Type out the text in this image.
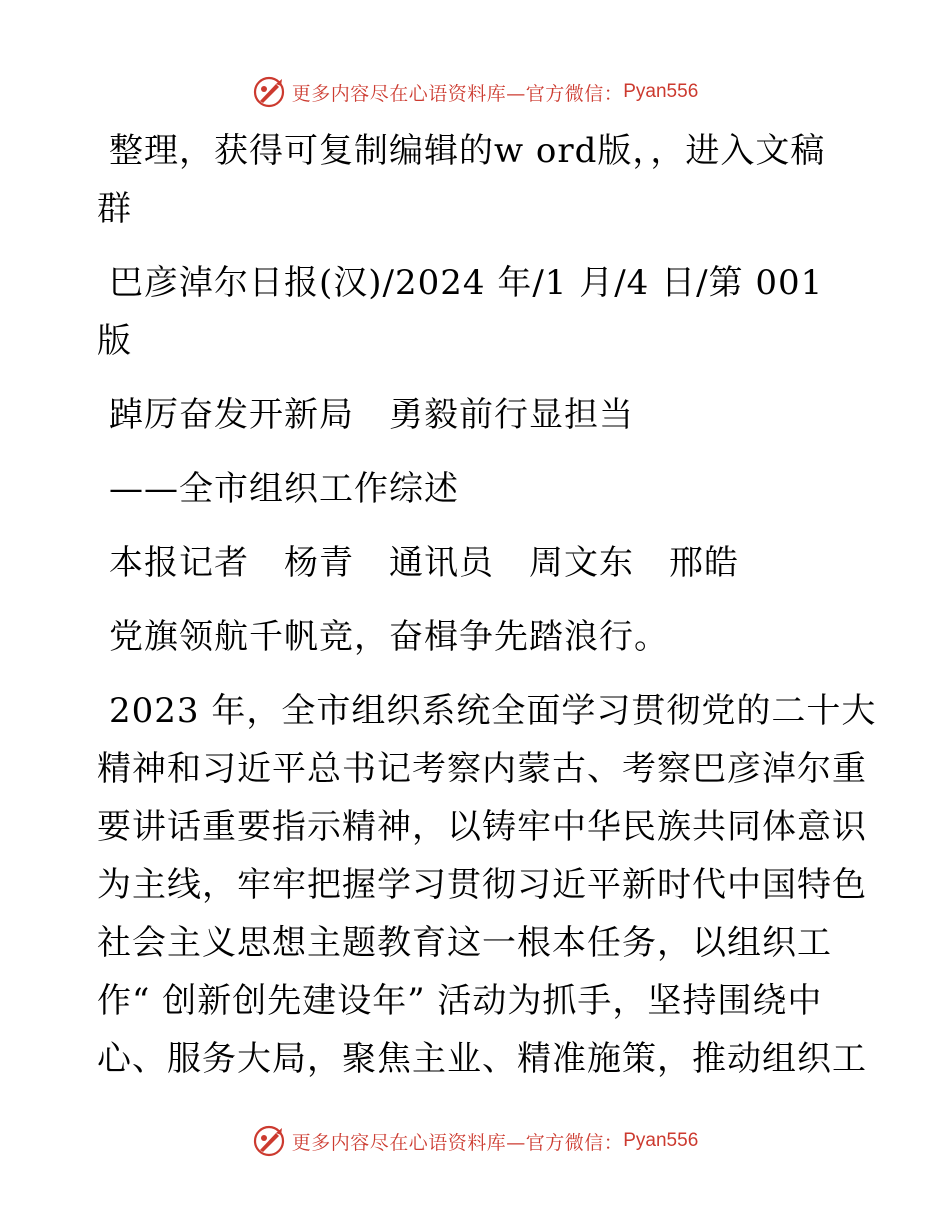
更多内容尽在心语资料库—官方微信： Pyan556
整理，获得可复制编辑的w ord版，，进入文稿
群
巴彦淖尔日报(汉)/2024 年/1 月/4 日/第 001
版
踔厉奋发开新局　勇毅前行显担当
——全市组织工作综述
本报记者　杨青　通讯员　周文东　邢皓
党旗领航千帆竞，奋楫争先踏浪行。
2023 年，全市组织系统全面学习贯彻党的二十大
精神和习近平总书记考察内蒙古、考察巴彦淖尔重
要讲话重要指示精神，以铸牢中华民族共同体意识
为主线，牢牢把握学习贯彻习近平新时代中国特色
社会主义思想主题教育这一根本任务，以组织工
作“ 创新创先建设年” 活动为抓手，坚持围绕中
心、服务大局，聚焦主业、精准施策，推动组织工
更多内容尽在心语资料库—官方微信： Pyan556
